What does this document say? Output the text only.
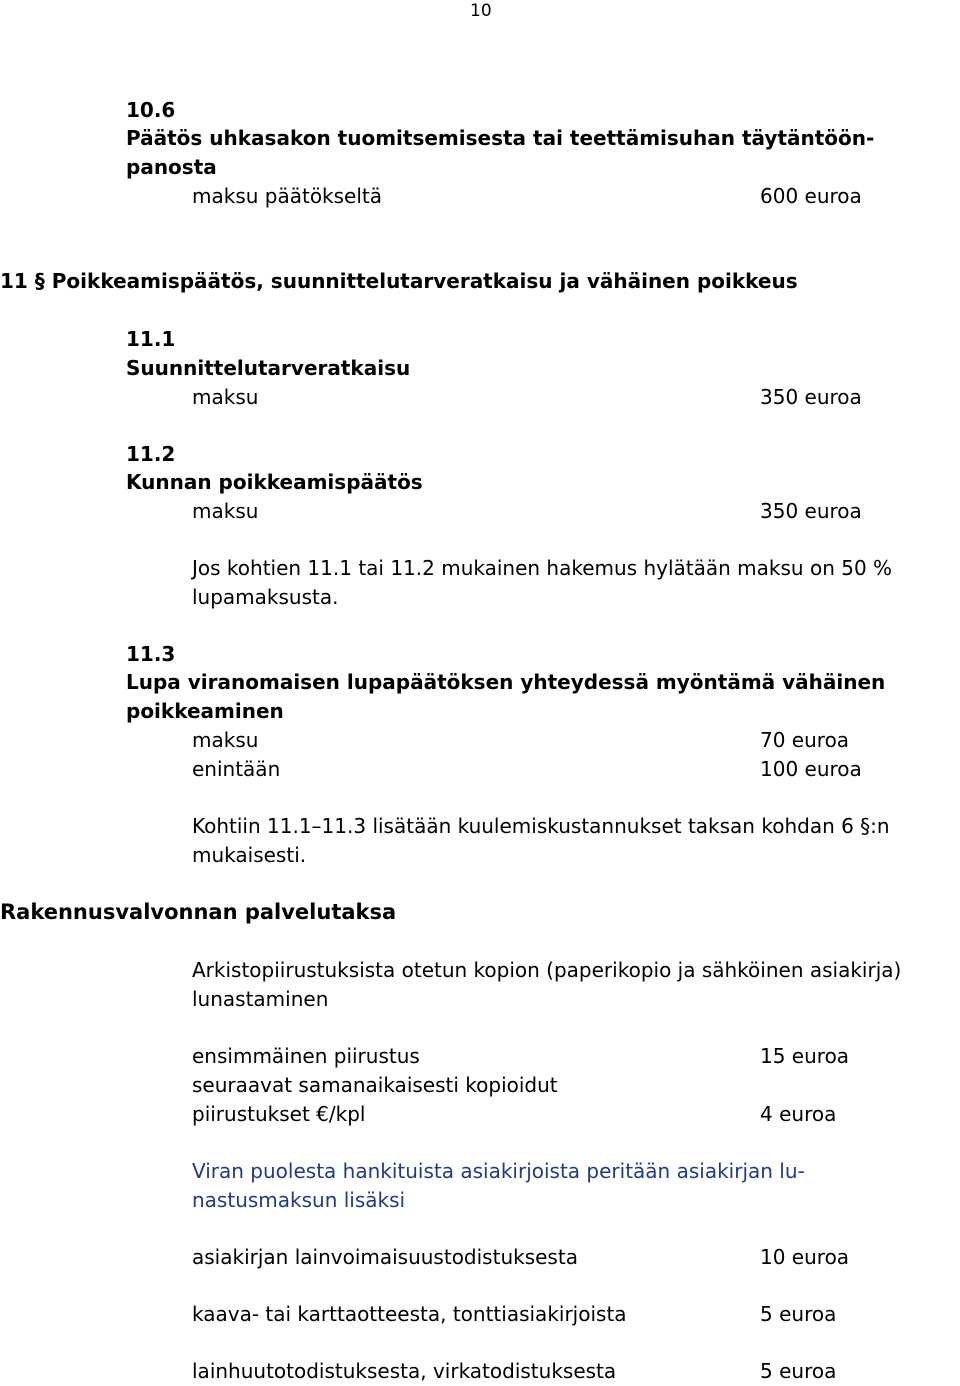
10
10.6
Päätös uhkasakon tuomitsemisesta tai teettämisuhan täytäntöön-
panosta
maksu päätökseltä	600 euroa
11 § Poikkeamispäätös, suunnittelutarveratkaisu ja vähäinen poikkeus
11.1
Suunnittelutarveratkaisu
maksu	350 euroa
11.2
Kunnan poikkeamispäätös
maksu	350 euroa
Jos kohtien 11.1 tai 11.2 mukainen hakemus hylätään maksu on 50 %
lupamaksusta.
11.3
Lupa viranomaisen lupapäätöksen yhteydessä myöntämä vähäinen
poikkeaminen
maksu	70 euroa
enintään	100 euroa
Kohtiin 11.1–11.3 lisätään kuulemiskustannukset taksan kohdan 6 §:n
mukaisesti.
Rakennusvalvonnan palvelutaksa
Arkistopiirustuksista otetun kopion (paperikopio ja sähköinen asiakirja)
lunastaminen
ensimmäinen piirustus	15 euroa
seuraavat samanaikaisesti kopioidut
piirustukset €/kpl	4 euroa
Viran puolesta hankituista asiakirjoista peritään asiakirjan lu-
nastusmaksun lisäksi
asiakirjan lainvoimaisuustodistuksesta	10 euroa
kaava- tai karttaotteesta, tonttiasiakirjoista	5 euroa
lainhuutotodistuksesta, virkatodistuksesta	5 euroa
